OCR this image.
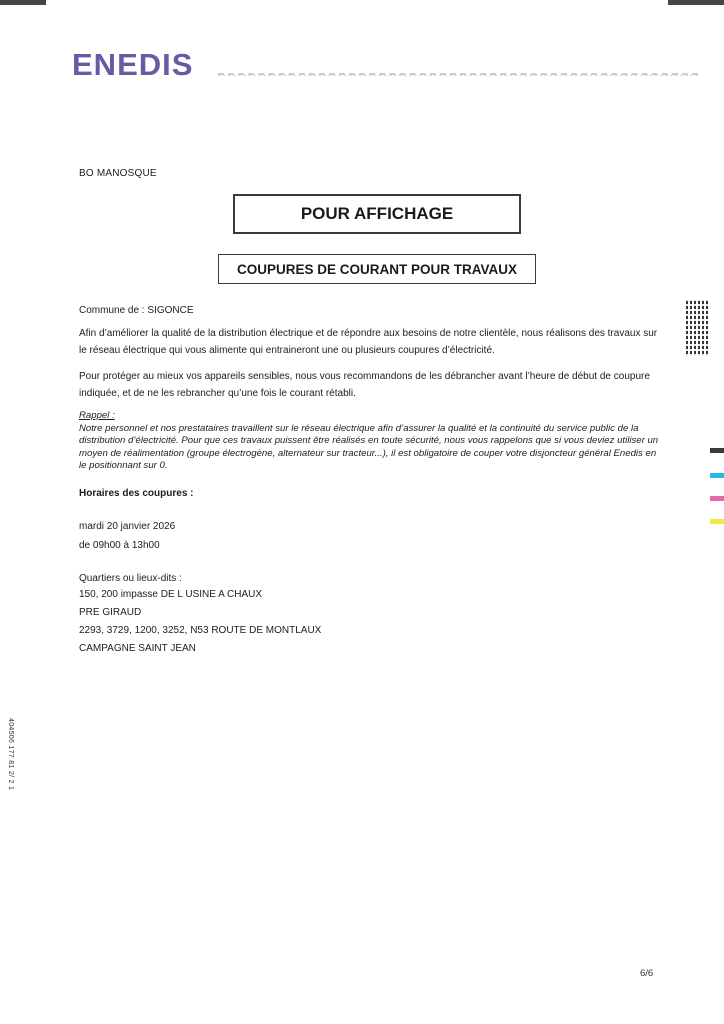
ENEDIS
BO MANOSQUE
POUR AFFICHAGE
COUPURES DE COURANT POUR TRAVAUX
Commune de : SIGONCE
Afin d’améliorer la qualité de la distribution électrique et de répondre aux besoins de notre clientèle, nous réalisons des travaux sur le réseau électrique qui vous alimente qui entraineront une ou plusieurs coupures d’électricité.
Pour protéger au mieux vos appareils sensibles, nous vous recommandons de les débrancher avant l’heure de début de coupure indiquée, et de ne les rebrancher qu’une fois le courant rétabli.
Rappel :
Notre personnel et nos prestataires travaillent sur le réseau électrique afin d’assurer la qualité et la continuité du service public de la distribution d’électricité. Pour que ces travaux puissent être réalisés en toute sécurité, nous vous rappelons que si vous deviez utiliser un moyen de réalimentation (groupe électrogène, alternateur sur tracteur...), il est obligatoire de couper votre disjoncteur général Enedis en le positionnant sur 0.
Horaires des coupures :
mardi 20 janvier 2026
de 09h00 à 13h00
Quartiers ou lieux-dits :
150, 200 impasse DE L USINE A CHAUX
PRE GIRAUD
2293, 3729, 1200, 3252, N53 ROUTE DE MONTLAUX
CAMPAGNE SAINT JEAN
404506 177 81 2/ 2 1
6/6
